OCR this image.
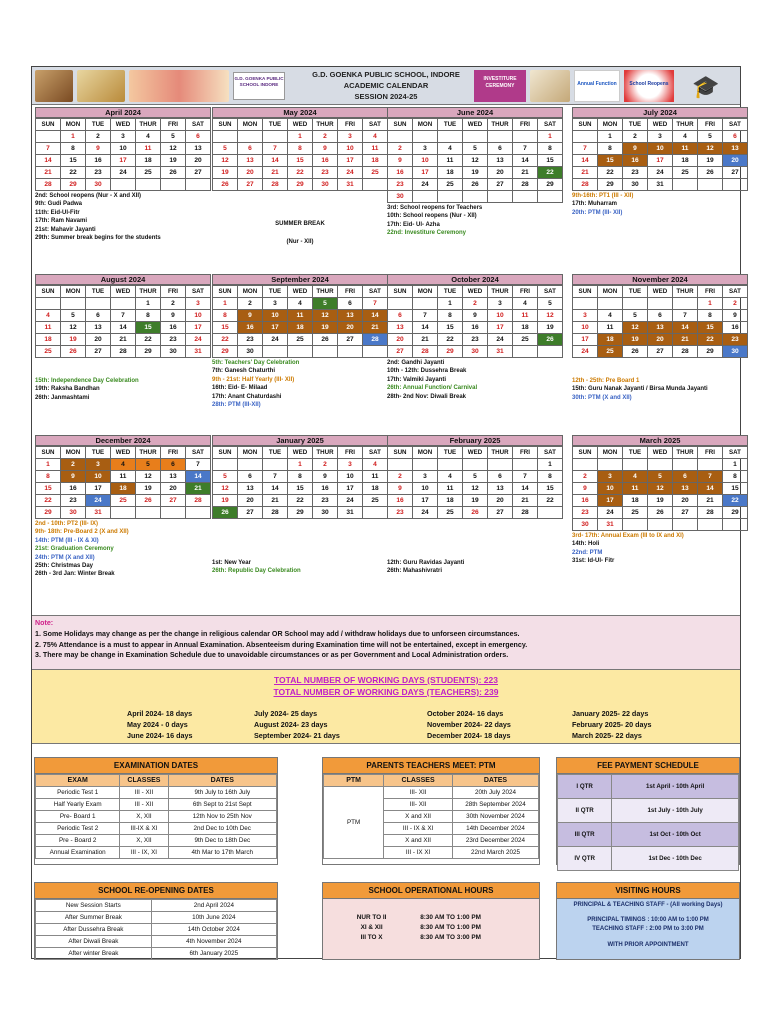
G.D. GOENKA PUBLIC SCHOOL INDORE
G.D. GOENKA PUBLIC SCHOOL, INDORE
ACADEMIC CALENDAR
SESSION 2024-25
INVESTITURE CEREMONY	Annual Function	School Reopens	🎓
April 2024
SUN	MON	TUE	WED	THUR	FRI	SAT
	1	2	3	4	5	6
7	8	9	10	11	12	13
14	15	16	17	18	19	20
21	22	23	24	25	26	27
28	29	30				
2nd: School reopens (Nur - X and XII)
9th: Gudi Padwa
11th: Eid-Ul-Fitr
17th: Ram Navami
21st: Mahavir Jayanti
29th: Summer break begins for the students
May 2024
SUN	MON	TUE	WED	THUR	FRI	SAT
			1	2	3	4
5	6	7	8	9	10	11
12	13	14	15	16	17	18
19	20	21	22	23	24	25
26	27	28	29	30	31	
SUMMER BREAK
(Nur - XII)
June 2024
SUN	MON	TUE	WED	THUR	FRI	SAT
						1
2	3	4	5	6	7	8
9	10	11	12	13	14	15
16	17	18	19	20	21	22
23	24	25	26	27	28	29
30						
3rd: School reopens for Teachers
10th: School reopens (Nur - XII)
17th: Eid- Ul- Azha
22nd: Investiture Ceremony
July 2024
SUN	MON	TUE	WED	THUR	FRI	SAT
	1	2	3	4	5	6
7	8	9	10	11	12	13
14	15	16	17	18	19	20
21	22	23	24	25	26	27
28	29	30	31			
9th-16th: PT1 (III - XII)
17th: Muharram
20th: PTM (III- XII)
August 2024
SUN	MON	TUE	WED	THUR	FRI	SAT
				1	2	3
4	5	6	7	8	9	10
11	12	13	14	15	16	17
18	19	20	21	22	23	24
25	26	27	28	29	30	31
15th: Independence Day Celebration
19th: Raksha Bandhan
26th: Janmashtami
September 2024
SUN	MON	TUE	WED	THUR	FRI	SAT
1	2	3	4	5	6	7
8	9	10	11	12	13	14
15	16	17	18	19	20	21
22	23	24	25	26	27	28
29	30					
5th: Teachers' Day Celebration
7th: Ganesh Chaturthi
9th - 21st: Half Yearly (III- XII)
16th: Eid- E- Milaad
17th: Anant Chaturdashi
28th: PTM (III-XII)
October 2024
SUN	MON	TUE	WED	THUR	FRI	SAT
		1	2	3	4	5
6	7	8	9	10	11	12
13	14	15	16	17	18	19
20	21	22	23	24	25	26
27	28	29	30	31		
2nd: Gandhi Jayanti
10th - 12th: Dussehra Break
17th: Valmiki Jayanti
26th: Annual Function/ Carnival
28th- 2nd Nov: Diwali Break
November 2024
SUN	MON	TUE	WED	THUR	FRI	SAT
					1	2
3	4	5	6	7	8	9
10	11	12	13	14	15	16
17	18	19	20	21	22	23
24	25	26	27	28	29	30
12th - 25th: Pre Board 1
15th: Guru Nanak Jayanti / Birsa Munda Jayanti
30th: PTM (X and XII)
December 2024
SUN	MON	TUE	WED	THUR	FRI	SAT
1	2	3	4	5	6	7
8	9	10	11	12	13	14
15	16	17	18	19	20	21
22	23	24	25	26	27	28
29	30	31				
2nd - 10th: PT2 (III- IX)
9th- 18th: Pre-Board 2 (X and XII)
14th: PTM (III - IX & XI)
21st: Graduation Ceremony
24th: PTM (X and XII)
25th: Christmas Day
26th - 3rd Jan: Winter Break
January 2025
SUN	MON	TUE	WED	THUR	FRI	SAT
			1	2	3	4
5	6	7	8	9	10	11
12	13	14	15	16	17	18
19	20	21	22	23	24	25
26	27	28	29	30	31	
1st: New Year
26th: Republic Day Celebration
February 2025
SUN	MON	TUE	WED	THUR	FRI	SAT
						1
2	3	4	5	6	7	8
9	10	11	12	13	14	15
16	17	18	19	20	21	22
23	24	25	26	27	28	
12th: Guru Ravidas Jayanti
26th: Mahashivratri
March 2025
SUN	MON	TUE	WED	THUR	FRI	SAT
						1
2	3	4	5	6	7	8
9	10	11	12	13	14	15
16	17	18	19	20	21	22
23	24	25	26	27	28	29
30	31					
3rd- 17th: Annual Exam (III to IX and XI)
14th: Holi
22nd: PTM
31st: Id-Ul- Fitr
Note:
1. Some Holidays may change as per the change in religious calendar OR School may add / withdraw holidays due to unforseen circumstances.
2. 75% Attendance is a must to appear in Annual Examination. Absenteeism during Examination time will not be entertained, except in emergency.
3. There may be change in Examination Schedule due to unavoidable circumstances or as per Government and Local Administration orders.
TOTAL NUMBER OF WORKING DAYS (STUDENTS): 223
TOTAL NUMBER OF WORKING DAYS (TEACHERS): 239
April 2024- 18 days
May 2024 - 0 days
June 2024- 16 days
July 2024- 25 days
August 2024- 23 days
September 2024- 21 days
October 2024- 16 days
November 2024- 22 days
December 2024- 18 days
January 2025- 22 days
February 2025- 20 days
March 2025- 22 days
EXAMINATION DATES
EXAM	CLASSES	DATES
Periodic Test 1	III - XII	9th July to 16th July
Half Yearly Exam	III - XII	6th Sept to 21st Sept
Pre- Board 1	X, XII	12th Nov to 25th Nov
Periodic Test 2	III-IX & XI	2nd Dec to 10th Dec
Pre - Board 2	X, XII	9th Dec to 18th Dec
Annual Examination	III - IX, XI	4th Mar to 17th March
PARENTS TEACHERS MEET: PTM
PTM	CLASSES	DATES
PTM	III- XII	20th July 2024
	III- XII	28th September 2024
	X and XII	30th November 2024
	III - IX & XI	14th December 2024
	X and XII	23rd December 2024
	III - IX XI	22nd March 2025
FEE PAYMENT SCHEDULE
I QTR	1st April - 10th April
II QTR	1st July - 10th July
III QTR	1st Oct - 10th Oct
IV QTR	1st Dec - 10th Dec
SCHOOL RE-OPENING DATES
New Session Starts	2nd April 2024
After Summer Break	10th June 2024
After Dussehra Break	14th October 2024
After Diwali Break	4th November 2024
After winter Break	6th January 2025
SCHOOL OPERATIONAL HOURS
NUR TO II	8:30 AM TO 1:00 PM
XI & XII	8:30 AM TO 1:00 PM
III TO X	8:30 AM TO 3:00 PM
VISITING HOURS
PRINCIPAL & TEACHING STAFF - (All working Days)
PRINCIPAL TIMINGS : 10:00 AM to 1:00 PM
TEACHING STAFF : 2:00 PM to 3:00 PM
WITH PRIOR APPOINTMENT
